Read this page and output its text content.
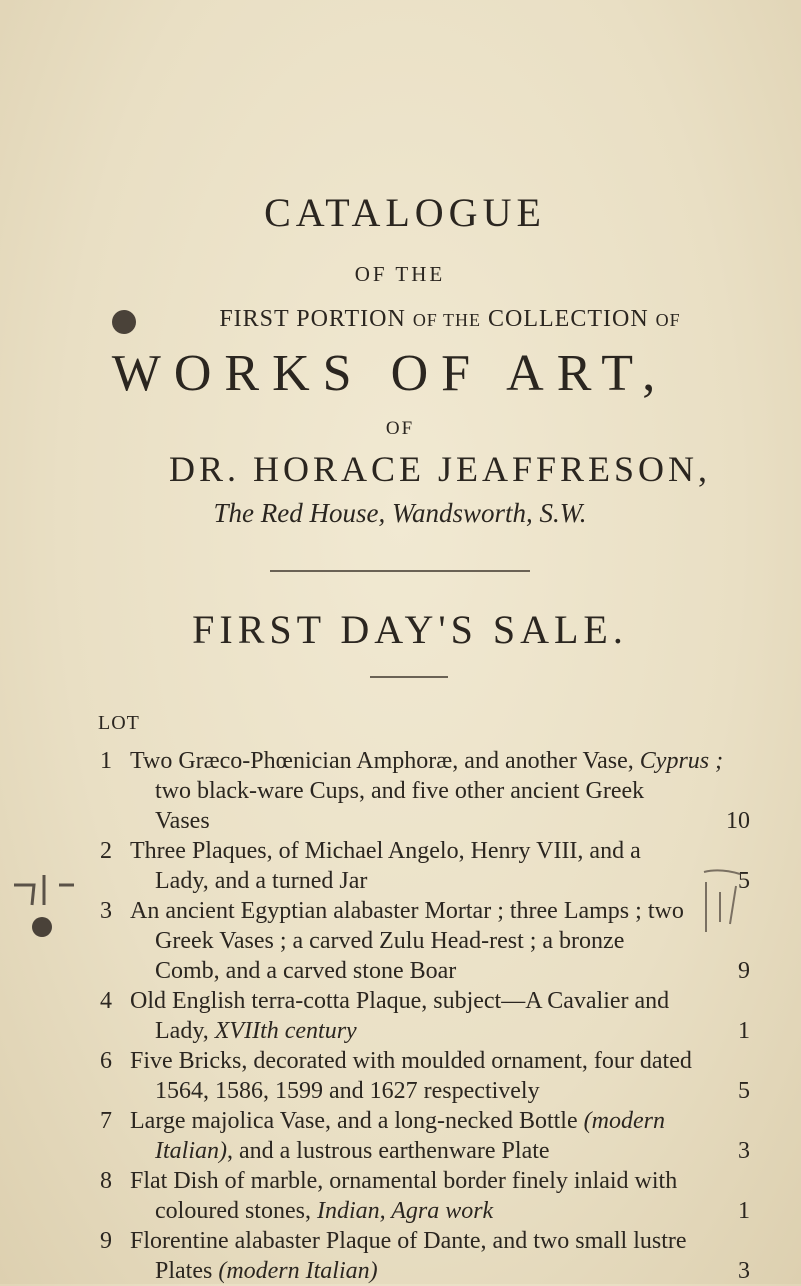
CATALOGUE
OF THE
FIRST PORTION OF THE COLLECTION OF
WORKS OF ART,
OF
DR. HORACE JEAFFRESON,
The Red House, Wandsworth, S.W.
FIRST DAY'S SALE.
LOT
1 Two Græco-Phœnician Amphoræ, and another Vase, Cyprus ;
two black-ware Cups, and five other ancient Greek
Vases	10
2 Three Plaques, of Michael Angelo, Henry VIII, and a
Lady, and a turned Jar	5
3 An ancient Egyptian alabaster Mortar ; three Lamps ; two
Greek Vases ; a carved Zulu Head-rest ; a bronze
Comb, and a carved stone Boar	9
4 Old English terra-cotta Plaque, subject—A Cavalier and
Lady, XVIIth century	1
6 Five Bricks, decorated with moulded ornament, four dated
1564, 1586, 1599 and 1627 respectively	5
7 Large majolica Vase, and a long-necked Bottle (modern
Italian), and a lustrous earthenware Plate	3
8 Flat Dish of marble, ornamental border finely inlaid with
coloured stones, Indian, Agra work	1
9 Florentine alabaster Plaque of Dante, and two small lustre
Plates (modern Italian)	3
